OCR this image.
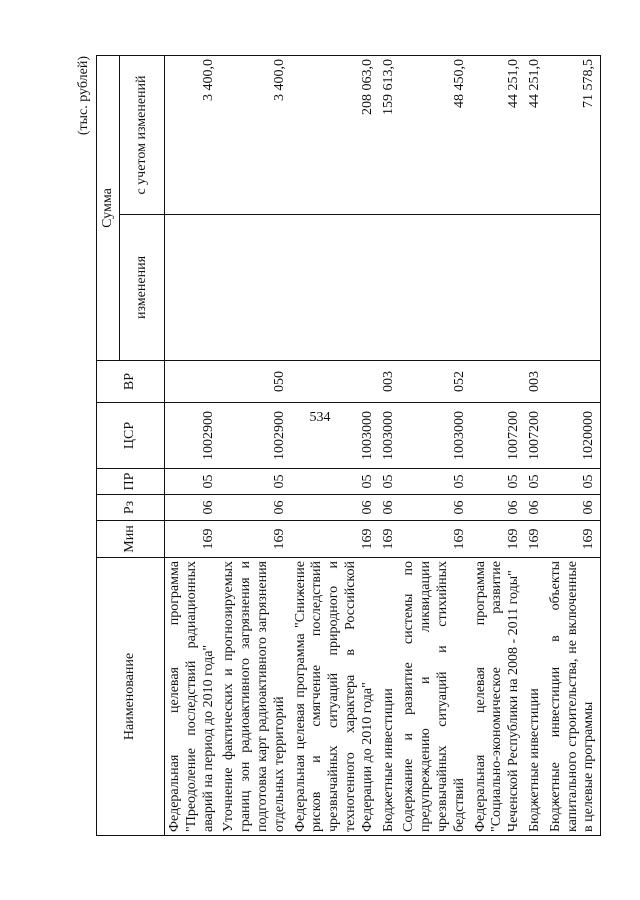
534
(тыс. рублей)
Наименование	Мин	Рз	ПР	ЦСР	ВР	Сумма	
						изменения	с учетом изменений
Федеральная целевая программа "Преодоление последствий радиационных аварий на период до 2010 года"	169	06	05	1002900			3 400,0
Уточнение фактических и прогнозируемых границ зон радиоактивного загрязнения и подготовка карт радиоактивного загрязнения отдельных территорий	169	06	05	1002900	050		3 400,0
Федеральная целевая программа "Снижение рисков и смягчение последствий чрезвычайных ситуаций природного и техногенного характера в Российской Федерации до 2010 года"	169	06	05	1003000			208 063,0
Бюджетные инвестиции	169	06	05	1003000	003		159 613,0
Содержание и развитие системы по предупреждению и ликвидации чрезвычайных ситуаций и стихийных бедствий	169	06	05	1003000	052		48 450,0
Федеральная целевая программа "Социально-экономическое развитие Чеченской Республики на 2008 - 2011 годы"	169	06	05	1007200			44 251,0
Бюджетные инвестиции	169	06	05	1007200	003		44 251,0
Бюджетные инвестиции в объекты капитального строительства, не включенные в целевые программы	169	06	05	1020000			71 578,5
